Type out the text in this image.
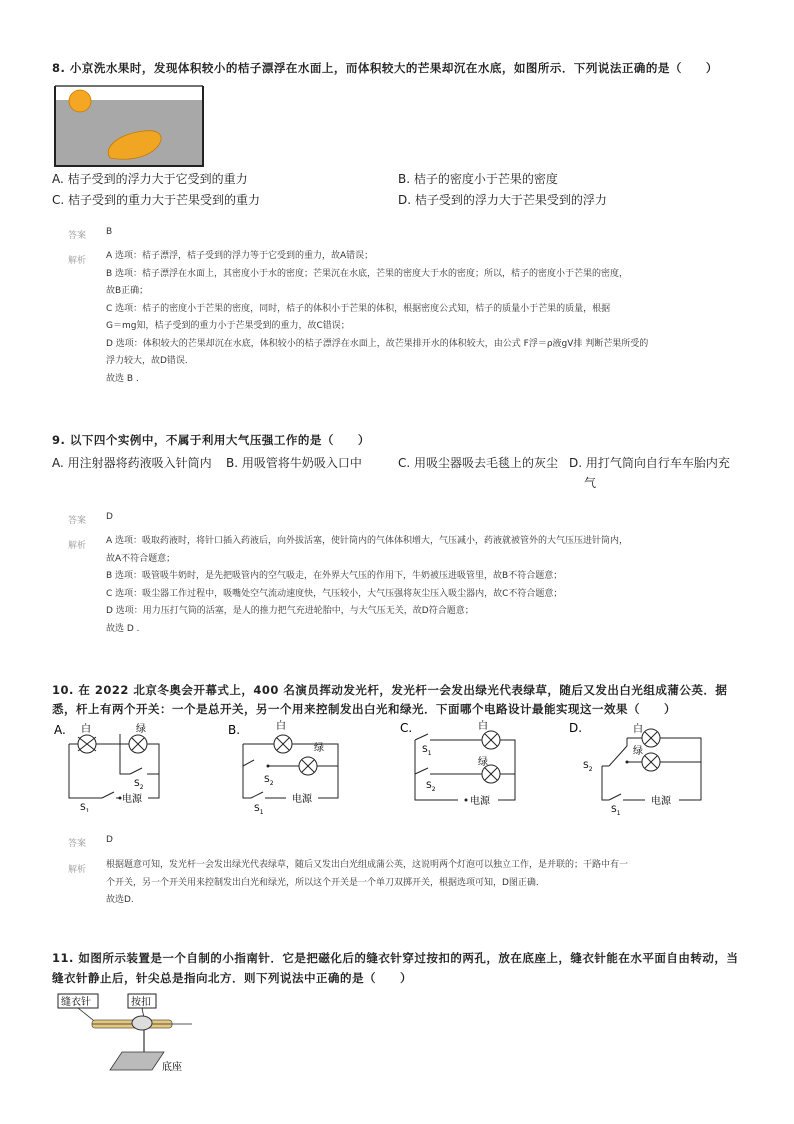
8. 小京洗水果时，发现体积较小的桔子漂浮在水面上，而体积较大的芒果却沉在水底，如图所示．下列说法正确的是（　　）
A. 桔子受到的浮力大于它受到的重力	B. 桔子的密度小于芒果的密度
C. 桔子受到的重力大于芒果受到的重力	D. 桔子受到的浮力大于芒果受到的浮力
答案 B
解析 A 选项：桔子漂浮，桔子受到的浮力等于它受到的重力，故A错误；
B 选项：桔子漂浮在水面上，其密度小于水的密度；芒果沉在水底，芒果的密度大于水的密度；所以，桔子的密度小于芒果的密度，
故B正确；
C 选项：桔子的密度小于芒果的密度，同时，桔子的体积小于芒果的体积，根据密度公式知，桔子的质量小于芒果的质量，根据
G＝mg知，桔子受到的重力小于芒果受到的重力，故C错误；
D 选项：体积较大的芒果却沉在水底，体积较小的桔子漂浮在水面上，故芒果排开水的体积较大，由公式 F浮＝ρ液gV排 判断芒果所受的
浮力较大，故D错误．
故选 B .
9. 以下四个实例中，不属于利用大气压强工作的是（　　）
A. 用注射器将药液吸入针筒内 B. 用吸管将牛奶吸入口中	C. 用吸尘器吸去毛毯上的灰尘 D. 用打气筒向自行车车胎内充
气
答案 D
解析 A 选项：吸取药液时，将针口插入药液后，向外拔活塞，使针筒内的气体体积增大，气压减小，药液就被管外的大气压压进针筒内，
故A不符合题意；
B 选项：吸管吸牛奶时，是先把吸管内的空气吸走，在外界大气压的作用下，牛奶被压进吸管里，故B不符合题意；
C 选项：吸尘器工作过程中，吸嘴处空气流动速度快，气压较小，大气压强将灰尘压入吸尘器内，故C不符合题意；
D 选项：用力压打气筒的活塞，是人的推力把气充进轮胎中，与大气压无关，故D符合题意；
故选 D .
10. 在 2022 北京冬奥会开幕式上，400 名演员挥动发光杆，发光杆一会发出绿光代表绿草，随后又发出白光组成蒲公英．据
悉，杆上有两个开关：一个是总开关，另一个用来控制发出白光和绿光．下面哪个电路设计最能实现这一效果（　　）
A. 白	绿
$S_2$
$S_1$
电源
B.	白
绿
$S_2$
$S_1$
电源
C.	白
绿
$S_1$
$S_2$
电源
D.	白
绿
$S_2$
$S_1$
电源
答案 D
解析 根据题意可知，发光杆一会发出绿光代表绿草，随后又发出白光组成蒲公英，这说明两个灯泡可以独立工作，是并联的；干路中有一
个开关，另一个开关用来控制发出白光和绿光，所以这个开关是一个单刀双掷开关，根据选项可知，D图正确．
故选D.
11. 如图所示装置是一个自制的小指南针．它是把磁化后的缝衣针穿过按扣的两孔，放在底座上，缝衣针能在水平面自由转动，当
缝衣针静止后，针尖总是指向北方．则下列说法中正确的是（　　）
缝衣针	按扣
底座
